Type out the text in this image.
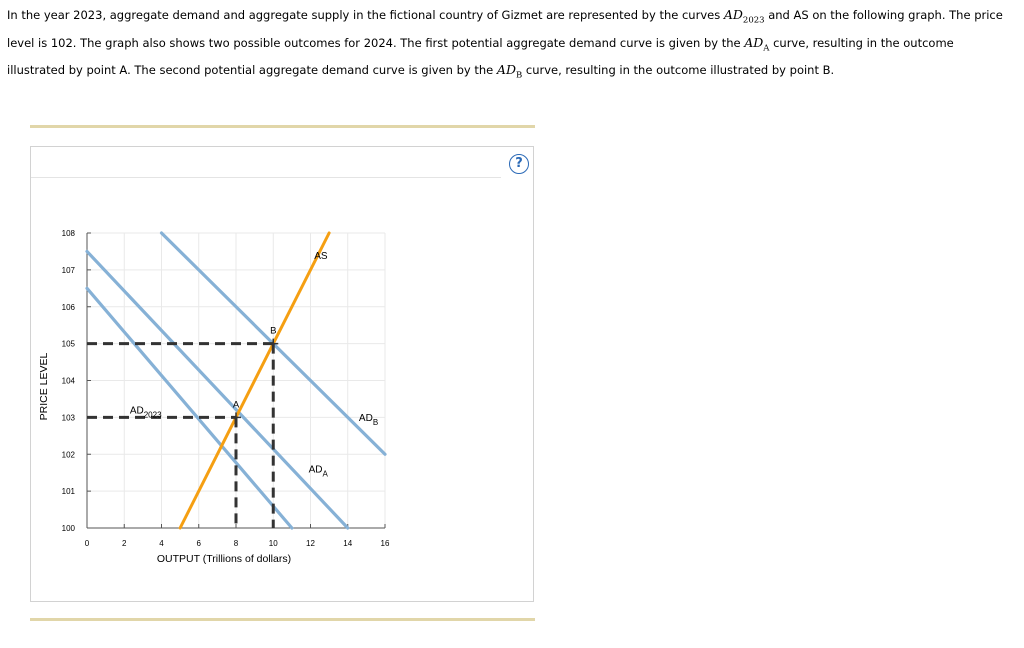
In the year 2023, aggregate demand and aggregate supply in the fictional country of Gizmet are represented by the curves $AD_{2023}$ and AS on the following graph. The price level is 102. The graph also shows two possible outcomes for 2024. The first potential aggregate demand curve is given by the $AD_A$ curve, resulting in the outcome illustrated by point A. The second potential aggregate demand curve is given by the $AD_B$ curve, resulting in the outcome illustrated by point B.
?
0	2	4	6	8	10	12	14	16
100
101
102
103
104
105
106
107
108
A
B
$AD_{2023}$
$AD_A$
$AD_B$
AS
OUTPUT (Trillions of dollars)
PRICE LEVEL
